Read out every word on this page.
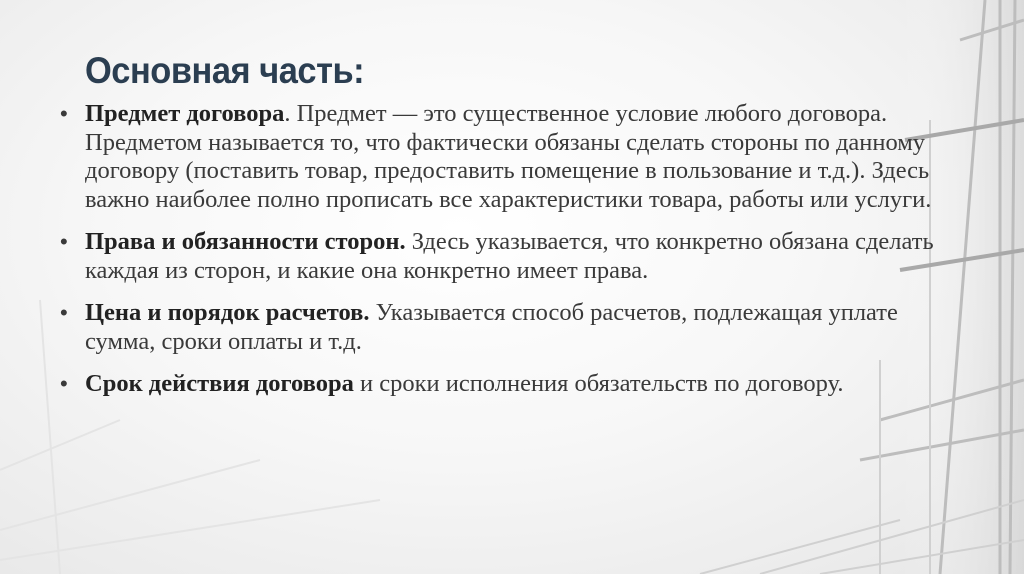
Основная часть:
• Предмет договора. Предмет — это существенное условие любого договора. Предметом называется то, что фактически обязаны сделать стороны по данному договору (поставить товар, предоставить помещение в пользование и т.д.). Здесь важно наиболее полно прописать все характеристики товара, работы или услуги.
• Права и обязанности сторон. Здесь указывается, что конкретно обязана сделать каждая из сторон, и какие она конкретно имеет права.
• Цена и порядок расчетов. Указывается способ расчетов, подлежащая уплате сумма, сроки оплаты и т.д.
• Срок действия договора и сроки исполнения обязательств по договору.
